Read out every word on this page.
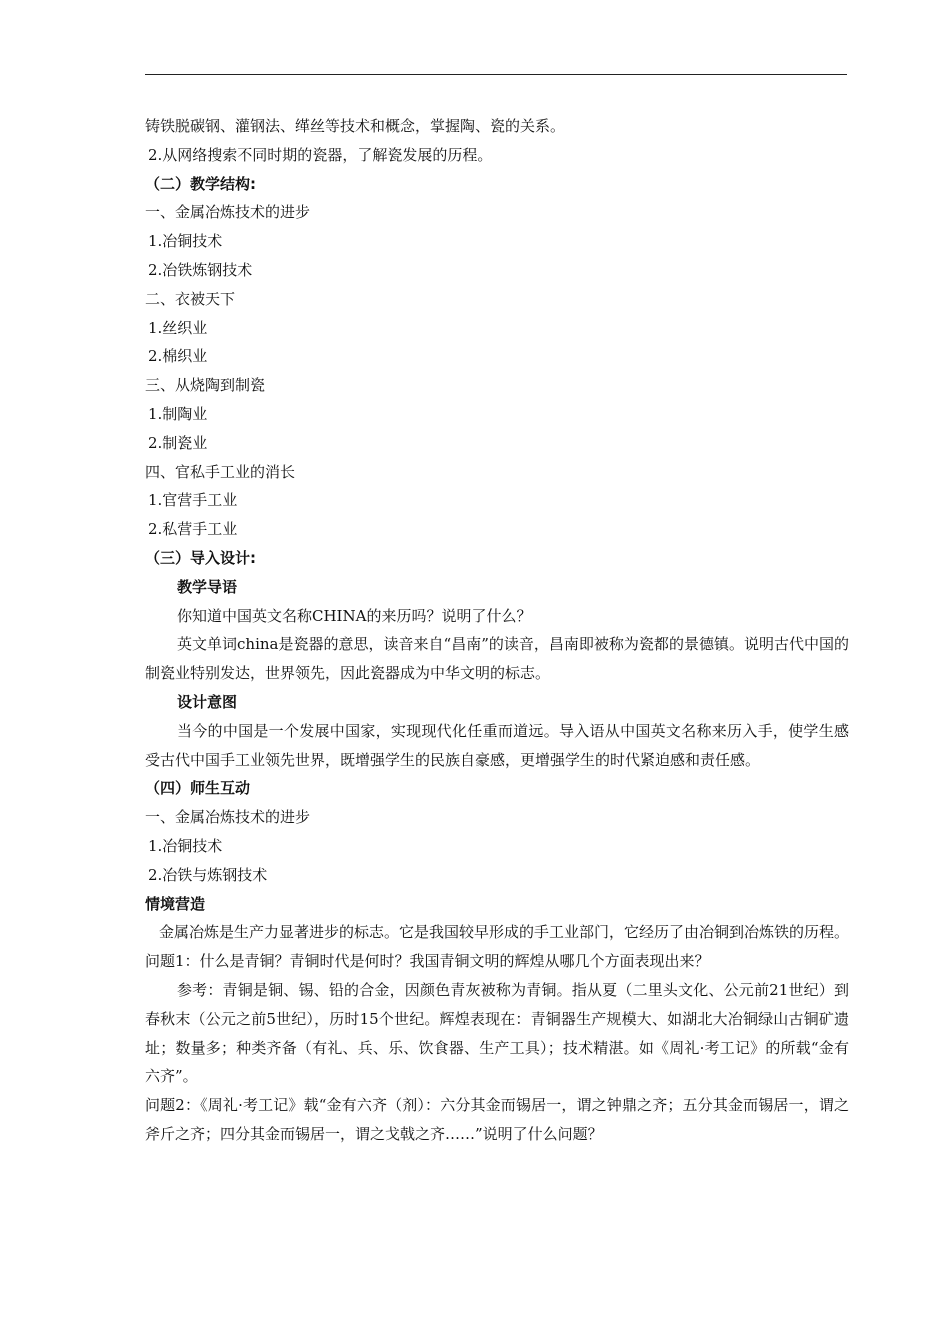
铸铁脱碳钢、灌钢法、缂丝等技术和概念，掌握陶、瓷的关系。
2.从网络搜索不同时期的瓷器，了解瓷发展的历程。
（二）教学结构:
一、金属冶炼技术的进步
1.冶铜技术
2.冶铁炼钢技术
二、衣被天下
1.丝织业
2.棉织业
三、从烧陶到制瓷
1.制陶业
2.制瓷业
四、官私手工业的消长
1.官营手工业
2.私营手工业
（三）导入设计:
教学导语
你知道中国英文名称CHINA的来历吗？说明了什么？
英文单词china是瓷器的意思，读音来自“昌南”的读音，昌南即被称为瓷都的景德镇。说明古代中国的制瓷业特别发达，世界领先，因此瓷器成为中华文明的标志。
设计意图
当今的中国是一个发展中国家，实现现代化任重而道远。导入语从中国英文名称来历入手，使学生感受古代中国手工业领先世界，既增强学生的民族自豪感，更增强学生的时代紧迫感和责任感。
（四）师生互动
一、金属冶炼技术的进步
1.冶铜技术
2.冶铁与炼钢技术
情境营造
金属冶炼是生产力显著进步的标志。它是我国较早形成的手工业部门，它经历了由冶铜到冶炼铁的历程。
问题1：什么是青铜？青铜时代是何时？我国青铜文明的辉煌从哪几个方面表现出来？
参考：青铜是铜、锡、铅的合金，因颜色青灰被称为青铜。指从夏（二里头文化、公元前21世纪）到春秋末（公元之前5世纪），历时15个世纪。辉煌表现在：青铜器生产规模大、如湖北大冶铜绿山古铜矿遗址；数量多；种类齐备（有礼、兵、乐、饮食器、生产工具）；技术精湛。如《周礼·考工记》的所载“金有六齐”。
问题2：《周礼·考工记》载“金有六齐（剂）：六分其金而锡居一，谓之钟鼎之齐；五分其金而锡居一，谓之斧斤之齐；四分其金而锡居一，谓之戈戟之齐……”说明了什么问题？
